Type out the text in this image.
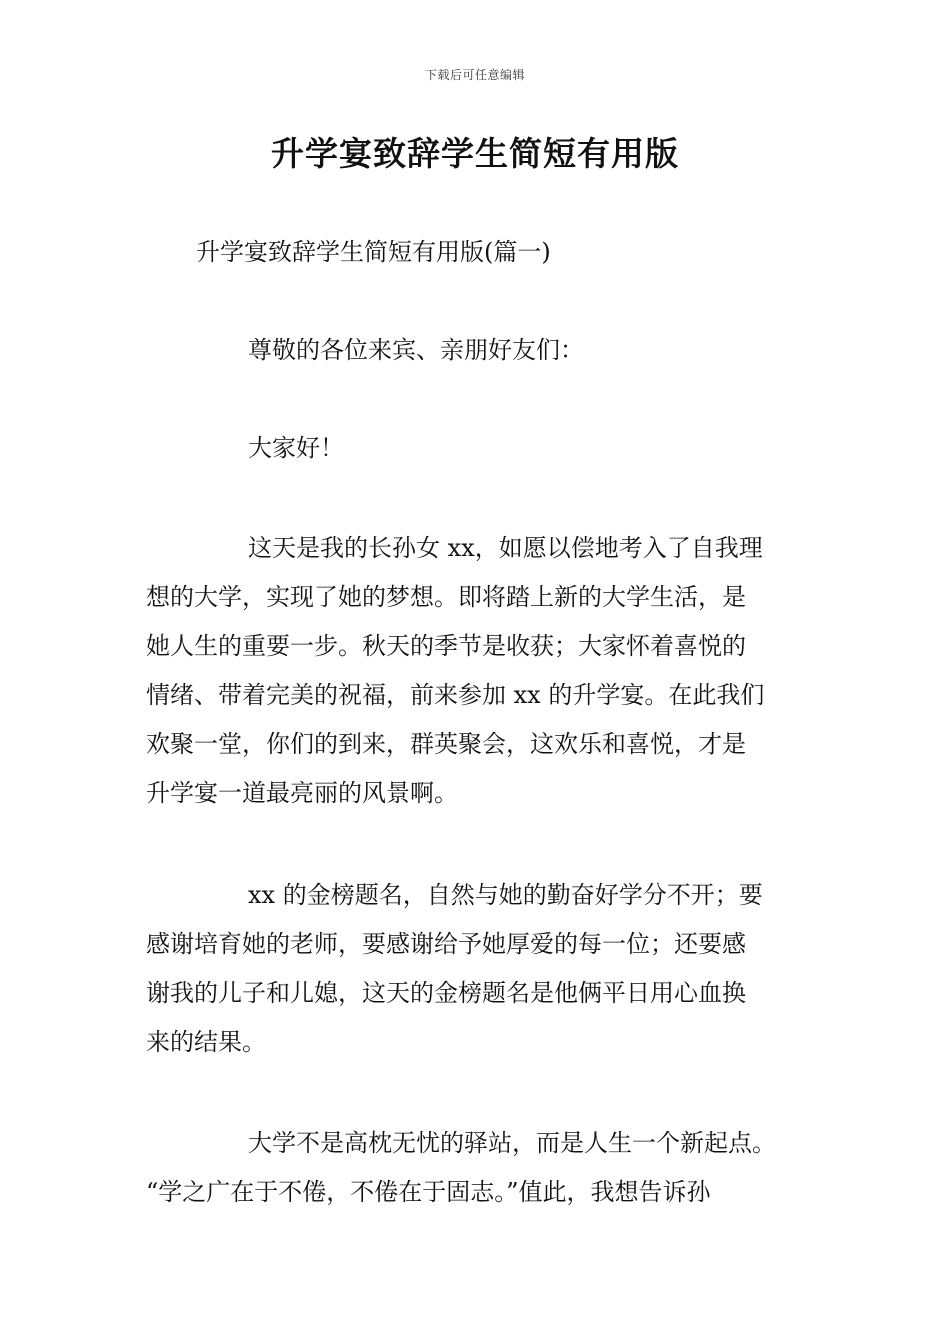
下载后可任意编辑
升学宴致辞学生简短有用版
升学宴致辞学生简短有用版(篇一)
尊敬的各位来宾、亲朋好友们：
大家好！
这天是我的长孙女 xx，如愿以偿地考入了自我理
想的大学，实现了她的梦想。即将踏上新的大学生活，是
她人生的重要一步。秋天的季节是收获；大家怀着喜悦的
情绪、带着完美的祝福，前来参加 xx 的升学宴。在此我们
欢聚一堂，你们的到来，群英聚会，这欢乐和喜悦，才是
升学宴一道最亮丽的风景啊。
xx 的金榜题名，自然与她的勤奋好学分不开；要
感谢培育她的老师，要感谢给予她厚爱的每一位；还要感
谢我的儿子和儿媳，这天的金榜题名是他俩平日用心血换
来的结果。
大学不是高枕无忧的驿站，而是人生一个新起点。
“学之广在于不倦，不倦在于固志。”值此，我想告诉孙
